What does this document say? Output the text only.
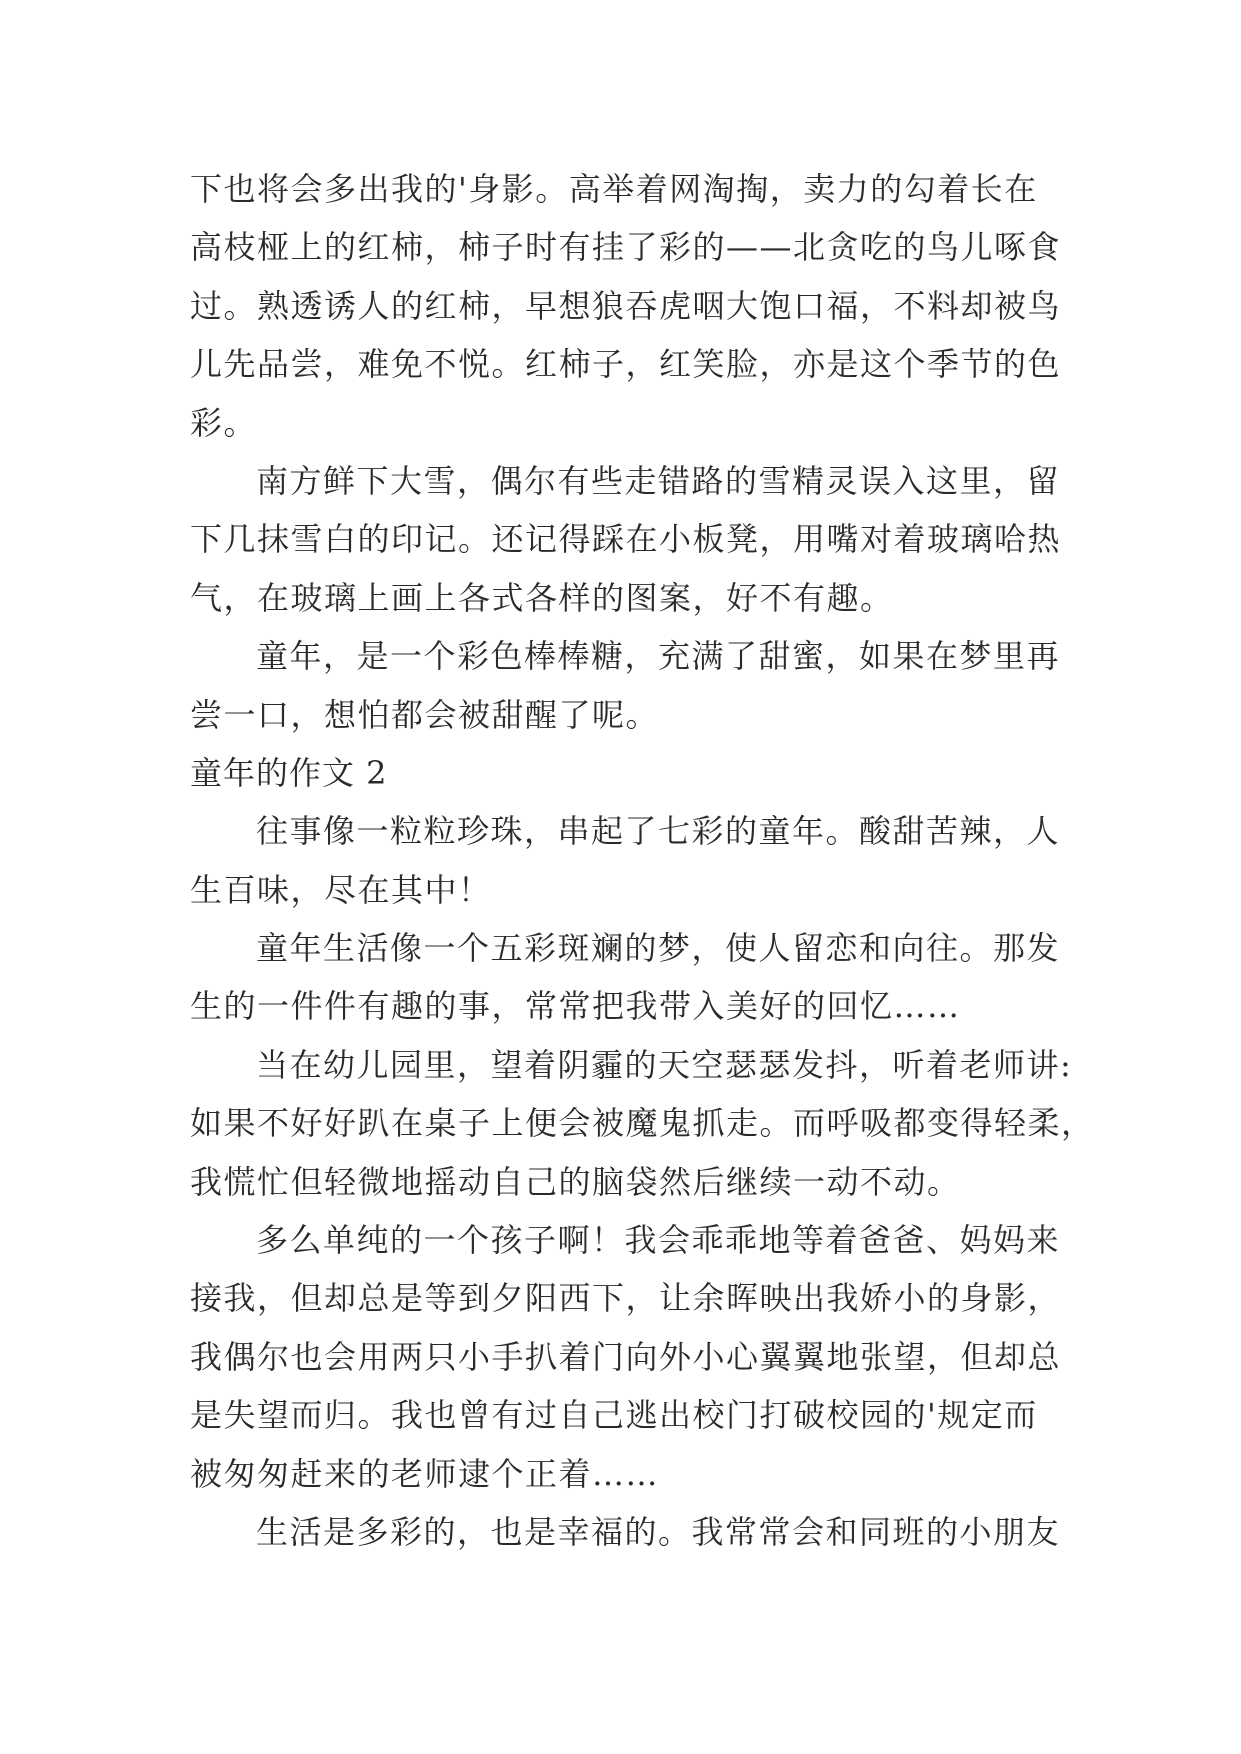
下也将会多出我的'身影。高举着网淘掏，卖力的勾着长在
高枝桠上的红柿，柿子时有挂了彩的——北贪吃的鸟儿啄食
过。熟透诱人的红柿，早想狼吞虎咽大饱口福，不料却被鸟
儿先品尝，难免不悦。红柿子，红笑脸，亦是这个季节的色
彩。
南方鲜下大雪，偶尔有些走错路的雪精灵误入这里，留
下几抹雪白的印记。还记得踩在小板凳，用嘴对着玻璃哈热
气，在玻璃上画上各式各样的图案，好不有趣。
童年，是一个彩色棒棒糖，充满了甜蜜，如果在梦里再
尝一口，想怕都会被甜醒了呢。
童年的作文 2
往事像一粒粒珍珠，串起了七彩的童年。酸甜苦辣，人
生百味，尽在其中！
童年生活像一个五彩斑斓的梦，使人留恋和向往。那发
生的一件件有趣的事，常常把我带入美好的回忆……
当在幼儿园里，望着阴霾的天空瑟瑟发抖，听着老师讲:
如果不好好趴在桌子上便会被魔鬼抓走。而呼吸都变得轻柔，
我慌忙但轻微地摇动自己的脑袋然后继续一动不动。
多么单纯的一个孩子啊！我会乖乖地等着爸爸、妈妈来
接我，但却总是等到夕阳西下，让余晖映出我娇小的身影，
我偶尔也会用两只小手扒着门向外小心翼翼地张望，但却总
是失望而归。我也曾有过自己逃出校门打破校园的'规定而
被匆匆赶来的老师逮个正着……
生活是多彩的，也是幸福的。我常常会和同班的小朋友
